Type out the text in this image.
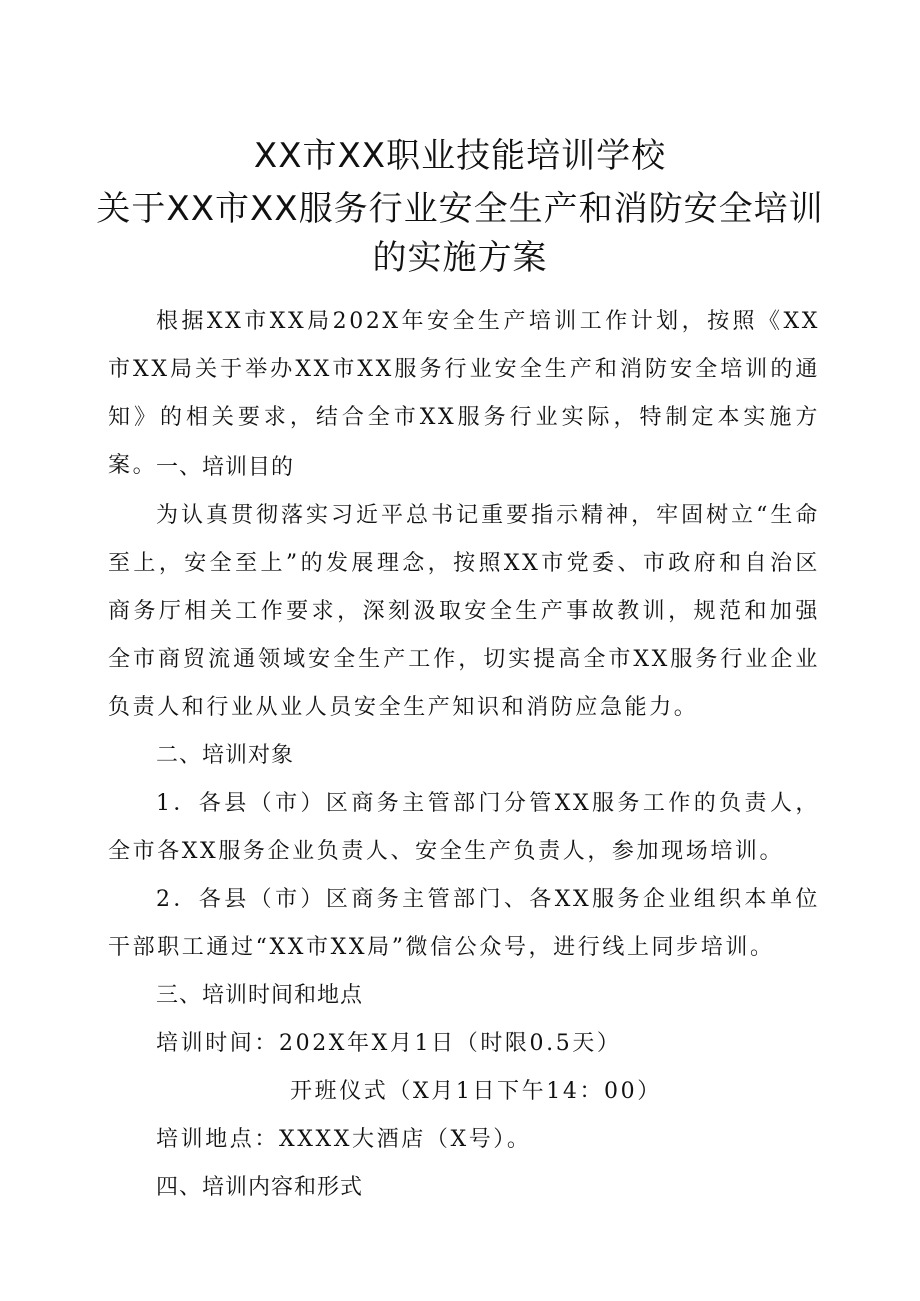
XX市XX职业技能培训学校
关于XX市XX服务行业安全生产和消防安全培训
的实施方案

根据XX市XX局202X年安全生产培训工作计划，按照《XX市XX局关于举办XX市XX服务行业安全生产和消防安全培训的通知》的相关要求，结合全市XX服务行业实际，特制定本实施方案。

一、培训目的

为认真贯彻落实习近平总书记重要指示精神，牢固树立“生命至上，安全至上”的发展理念，按照XX市党委、市政府和自治区商务厅相关工作要求，深刻汲取安全生产事故教训，规范和加强全市商贸流通领域安全生产工作，切实提高全市XX服务行业企业负责人和行业从业人员安全生产知识和消防应急能力。

二、培训对象

1．各县（市）区商务主管部门分管XX服务工作的负责人，全市各XX服务企业负责人、安全生产负责人，参加现场培训。

2．各县（市）区商务主管部门、各XX服务企业组织本单位干部职工通过“XX市XX局”微信公众号，进行线上同步培训。

三、培训时间和地点
培训时间：202X年X月1日（时限0.5天）
开班仪式（X月1日下午14：00）
培训地点：XXXX大酒店（X号）。
四、培训内容和形式
